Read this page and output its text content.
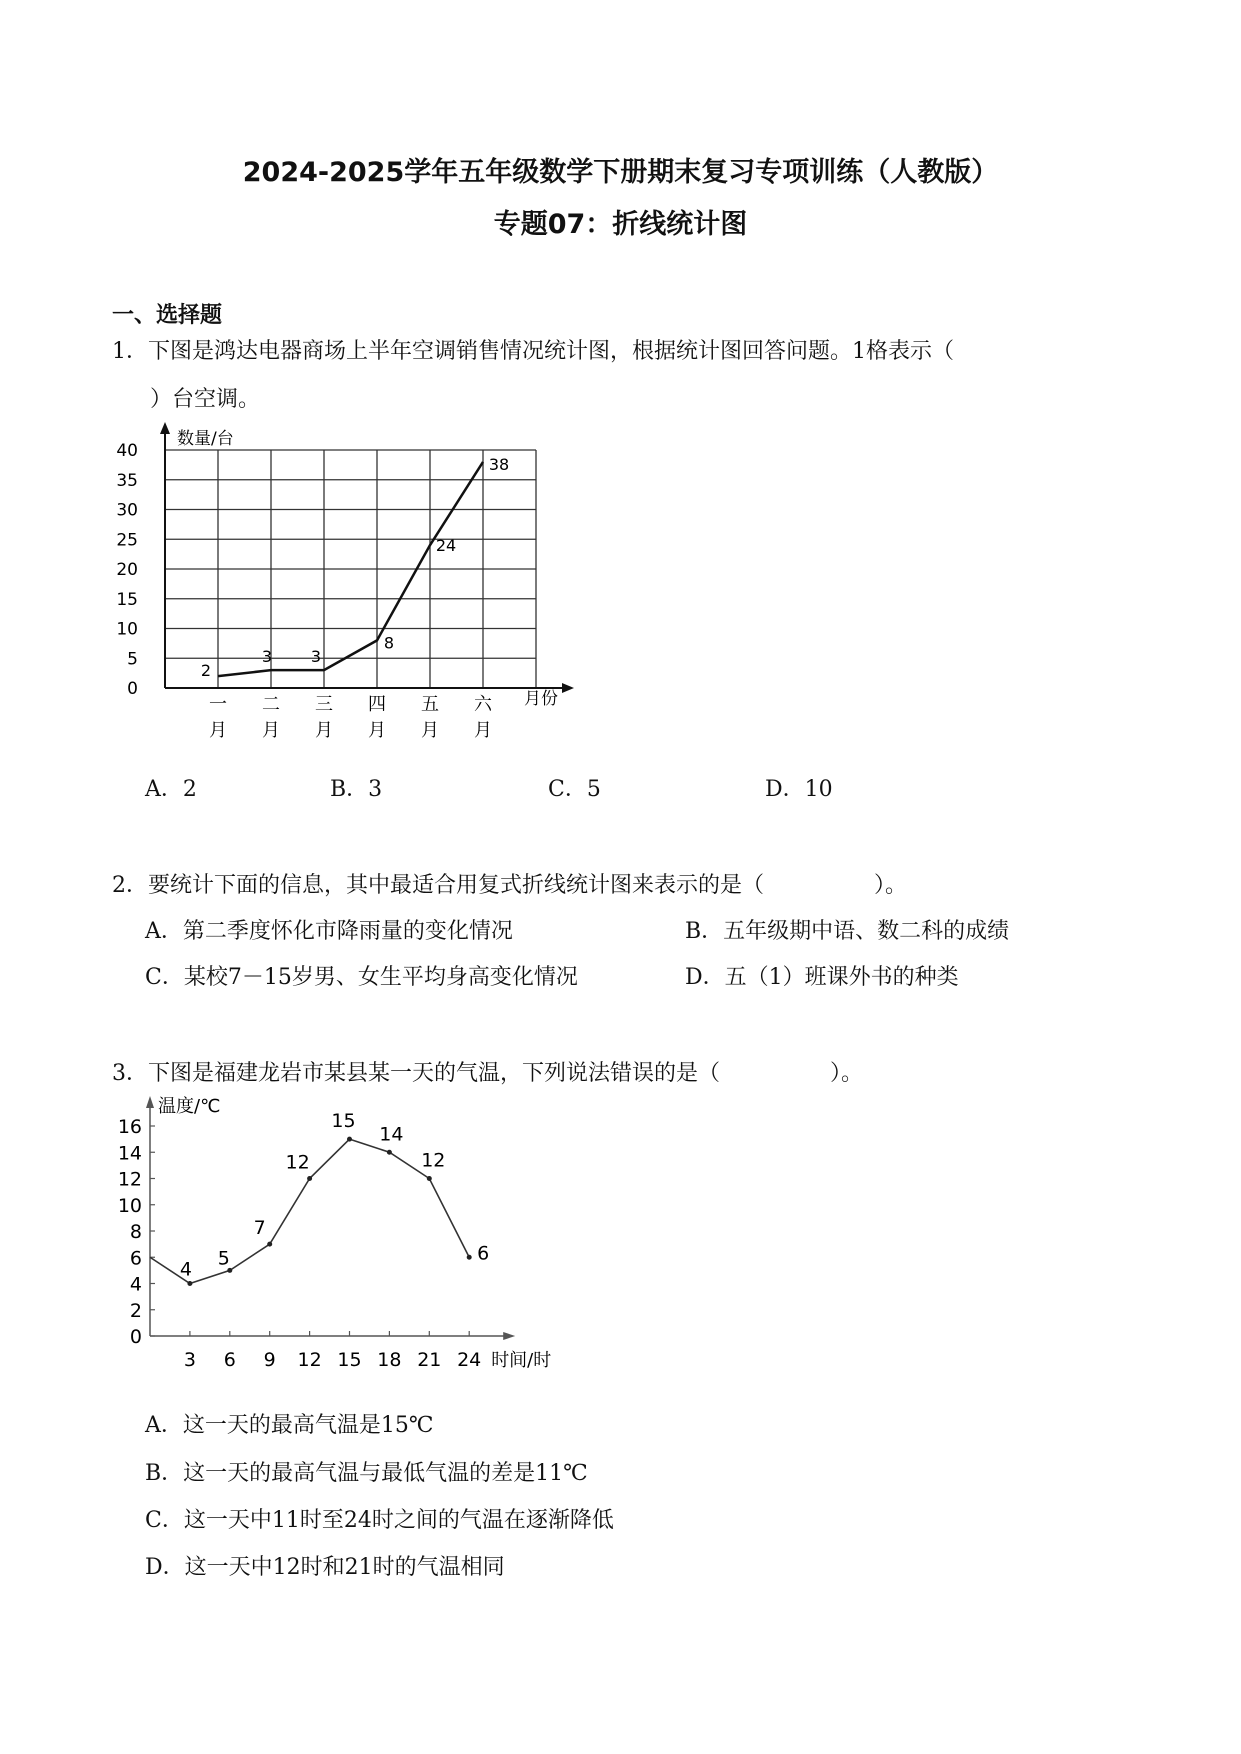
2024-2025学年五年级数学下册期末复习专项训练（人教版）
专题07：折线统计图
一、选择题
1．下图是鸿达电器商场上半年空调销售情况统计图，根据统计图回答问题。1格表示（
）台空调。
数量/台
月份
0
5
10
15
20
25
30
35
40
一
月
二
月
三
月
四
月
五
月
六
月
2
3 3
8
24
38
A．2	B．3	C．5	D．10
2．要统计下面的信息，其中最适合用复式折线统计图来表示的是（　　　　　）。
A．第二季度怀化市降雨量的变化情况	B．五年级期中语、数二科的成绩
C．某校7－15岁男、女生平均身高变化情况	D．五（1）班课外书的种类
3．下图是福建龙岩市某县某一天的气温，下列说法错误的是（　　　　　）。
温度/℃
时间/时
0
2
4
6
8
10
12
14
16
3 6 9 12 15 18 21 24
4
5
7
12
15
14
12
6
A．这一天的最高气温是15℃
B．这一天的最高气温与最低气温的差是11℃
C．这一天中11时至24时之间的气温在逐渐降低
D．这一天中12时和21时的气温相同
